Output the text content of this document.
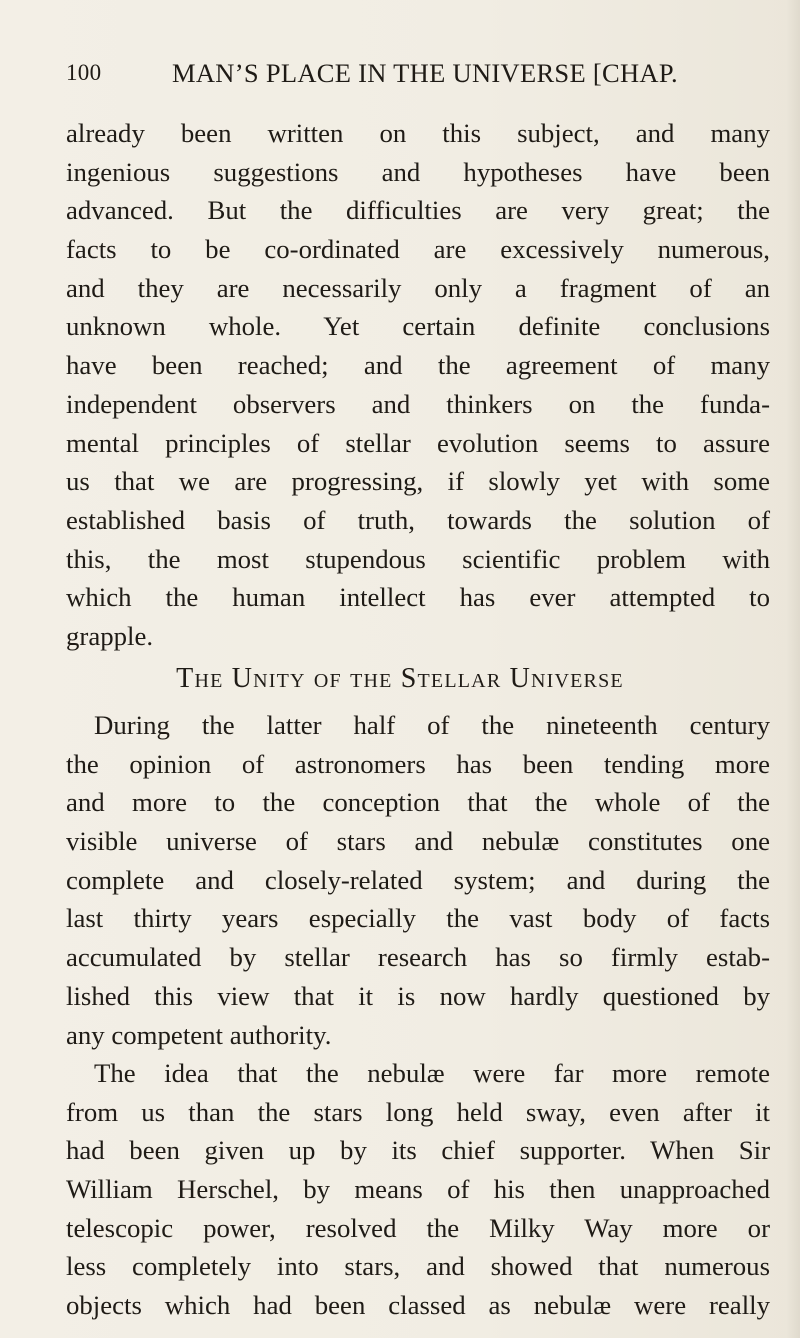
100	MAN’S PLACE IN THE UNIVERSE [CHAP.
already been written on this subject, and many
ingenious suggestions and hypotheses have been
advanced. But the difficulties are very great; the
facts to be co-ordinated are excessively numerous,
and they are necessarily only a fragment of an
unknown whole. Yet certain definite conclusions
have been reached; and the agreement of many
independent observers and thinkers on the funda-
mental principles of stellar evolution seems to assure
us that we are progressing, if slowly yet with some
established basis of truth, towards the solution of
this, the most stupendous scientific problem with
which the human intellect has ever attempted to
grapple.
The Unity of the Stellar Universe
During the latter half of the nineteenth century
the opinion of astronomers has been tending more
and more to the conception that the whole of the
visible universe of stars and nebulæ constitutes one
complete and closely-related system; and during the
last thirty years especially the vast body of facts
accumulated by stellar research has so firmly estab-
lished this view that it is now hardly questioned by
any competent authority.
The idea that the nebulæ were far more remote
from us than the stars long held sway, even after it
had been given up by its chief supporter. When Sir
William Herschel, by means of his then unapproached
telescopic power, resolved the Milky Way more or
less completely into stars, and showed that numerous
objects which had been classed as nebulæ were really
